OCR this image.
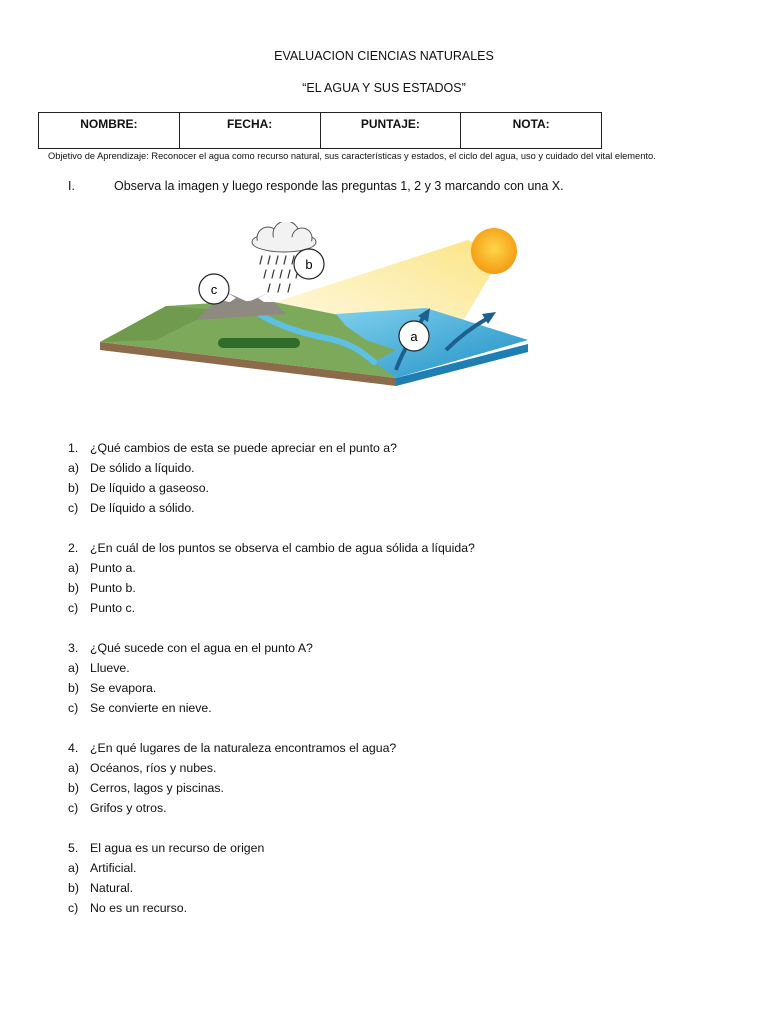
EVALUACION CIENCIAS NATURALES
“EL AGUA Y SUS ESTADOS”
NOMBRE:	FECHA:	PUNTAJE:	NOTA:
Objetivo de Aprendizaje: Reconocer el agua como recurso natural, sus características y estados, el ciclo del agua, uso y cuidado del vital elemento.
I.	Observa la imagen y luego responde las preguntas 1, 2 y 3 marcando con una X.
b
c
a
1. ¿Qué cambios de esta se puede apreciar en el punto a?
a) De sólido a líquido.
b) De líquido a gaseoso.
c) De líquido a sólido.
2. ¿En cuál de los puntos se observa el cambio de agua sólida a líquida?
a) Punto a.
b) Punto b.
c) Punto c.
3. ¿Qué sucede con el agua en el punto A?
a) Llueve.
b) Se evapora.
c) Se convierte en nieve.
4. ¿En qué lugares de la naturaleza encontramos el agua?
a) Océanos, ríos y nubes.
b) Cerros, lagos y piscinas.
c) Grifos y otros.
5. El agua es un recurso de origen
a) Artificial.
b) Natural.
c) No es un recurso.
